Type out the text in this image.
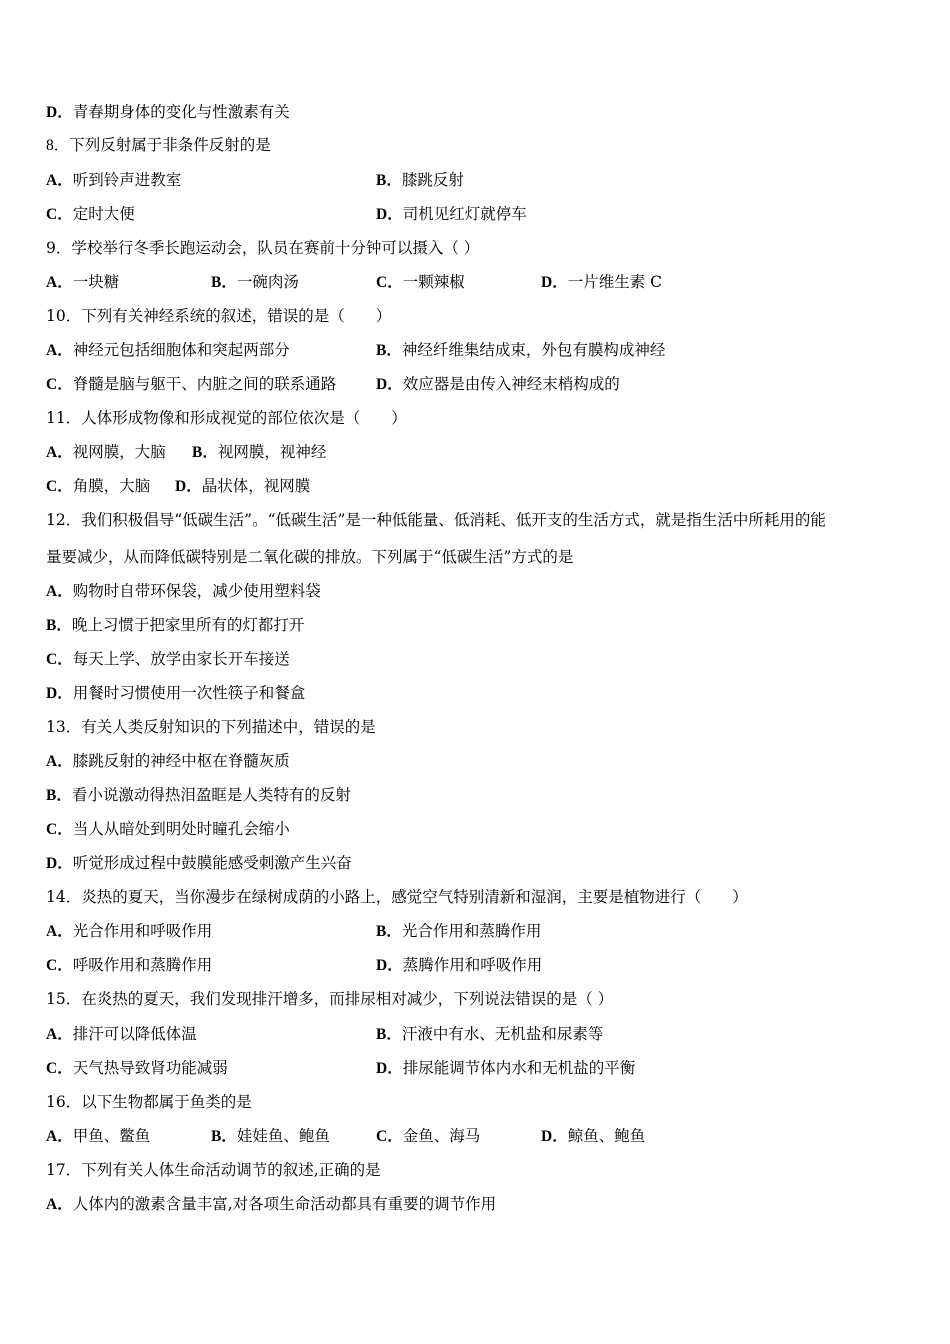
D．青春期身体的变化与性激素有关
8．下列反射属于非条件反射的是
A．听到铃声进教室	B．膝跳反射
C．定时大便	D．司机见红灯就停车
9．学校举行冬季长跑运动会，队员在赛前十分钟可以摄入（ ）
A．一块糖	B．一碗肉汤	C．一颗辣椒	D．一片维生素 C
10．下列有关神经系统的叙述，错误的是（　　）
A．神经元包括细胞体和突起两部分	B．神经纤维集结成束，外包有膜构成神经
C．脊髓是脑与躯干、内脏之间的联系通路	D．效应器是由传入神经末梢构成的
11．人体形成物像和形成视觉的部位依次是（　　）
A．视网膜，大脑 B．视网膜，视神经
C．角膜，大脑 D．晶状体，视网膜
12．我们积极倡导“低碳生活”。“低碳生活”是一种低能量、低消耗、低开支的生活方式，就是指生活中所耗用的能
量要减少，从而降低碳特别是二氧化碳的排放。下列属于“低碳生活”方式的是
A．购物时自带环保袋，减少使用塑料袋
B．晚上习惯于把家里所有的灯都打开
C．每天上学、放学由家长开车接送
D．用餐时习惯使用一次性筷子和餐盒
13．有关人类反射知识的下列描述中，错误的是
A．膝跳反射的神经中枢在脊髓灰质
B．看小说激动得热泪盈眶是人类特有的反射
C．当人从暗处到明处时瞳孔会缩小
D．听觉形成过程中鼓膜能感受刺激产生兴奋
14．炎热的夏天，当你漫步在绿树成荫的小路上，感觉空气特别清新和湿润，主要是植物进行（　　）
A．光合作用和呼吸作用	B．光合作用和蒸腾作用
C．呼吸作用和蒸腾作用	D．蒸腾作用和呼吸作用
15．在炎热的夏天，我们发现排汗增多，而排尿相对减少，下列说法错误的是（ ）
A．排汗可以降低体温	B．汗液中有水、无机盐和尿素等
C．天气热导致肾功能减弱	D．排尿能调节体内水和无机盐的平衡
16．以下生物都属于鱼类的是
A．甲鱼、鳖鱼	B．娃娃鱼、鲍鱼	C．金鱼、海马	D．鲸鱼、鲍鱼
17．下列有关人体生命活动调节的叙述,正确的是
A．人体内的激素含量丰富,对各项生命活动都具有重要的调节作用
